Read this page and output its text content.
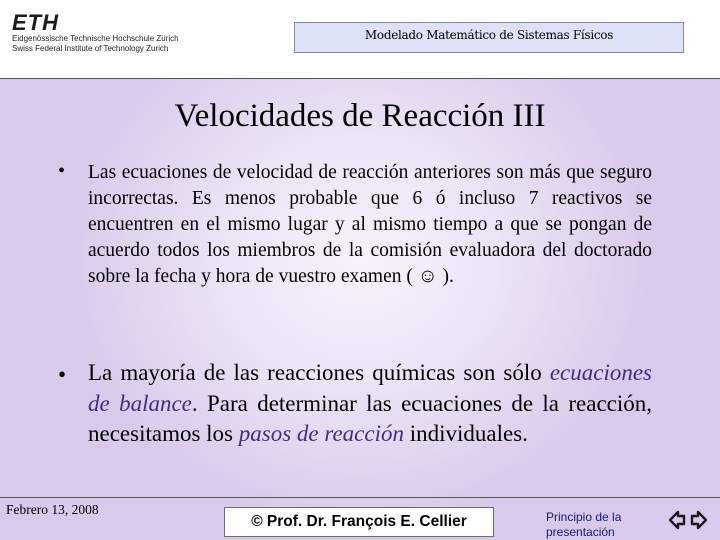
ETH
Eidgenössische Technische Hochschule Zürich
Swiss Federal Institute of Technology Zurich
Modelado Matemático de Sistemas Físicos
Velocidades de Reacción III
• Las ecuaciones de velocidad de reacción anteriores son más que seguro incorrectas. Es menos probable que 6 ó incluso 7 reactivos se encuentren en el mismo lugar y al mismo tiempo a que se pongan de acuerdo todos los miembros de la comisión evaluadora del doctorado sobre la fecha y hora de vuestro examen ( ☺ ).
• La mayoría de las reacciones químicas son sólo ecuaciones de balance. Para determinar las ecuaciones de la reacción, necesitamos los pasos de reacción individuales.
Febrero 13, 2008
© Prof. Dr. François E. Cellier	Principio de la presentación
